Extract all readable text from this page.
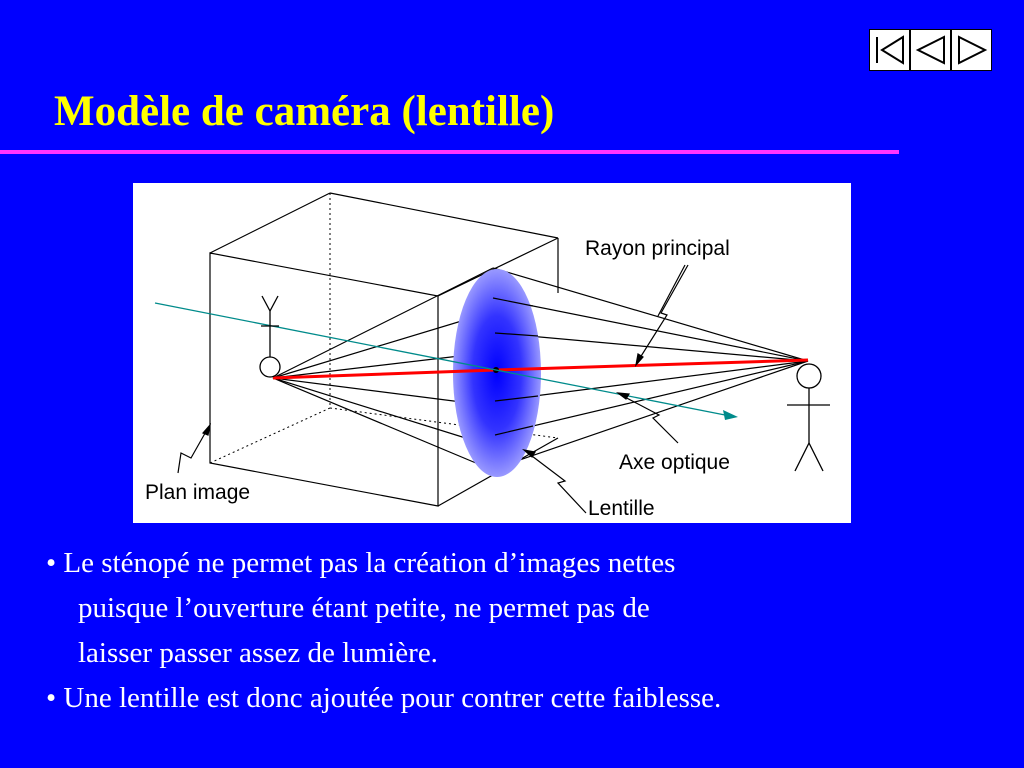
Modèle de caméra (lentille)
Rayon principal
Axe optique
Plan image
Lentille

• Le sténopé ne permet pas la création d’images nettes
puisque l’ouverture étant petite, ne permet pas de
laisser passer assez de lumière.

• Une lentille est donc ajoutée pour contrer cette faiblesse.
